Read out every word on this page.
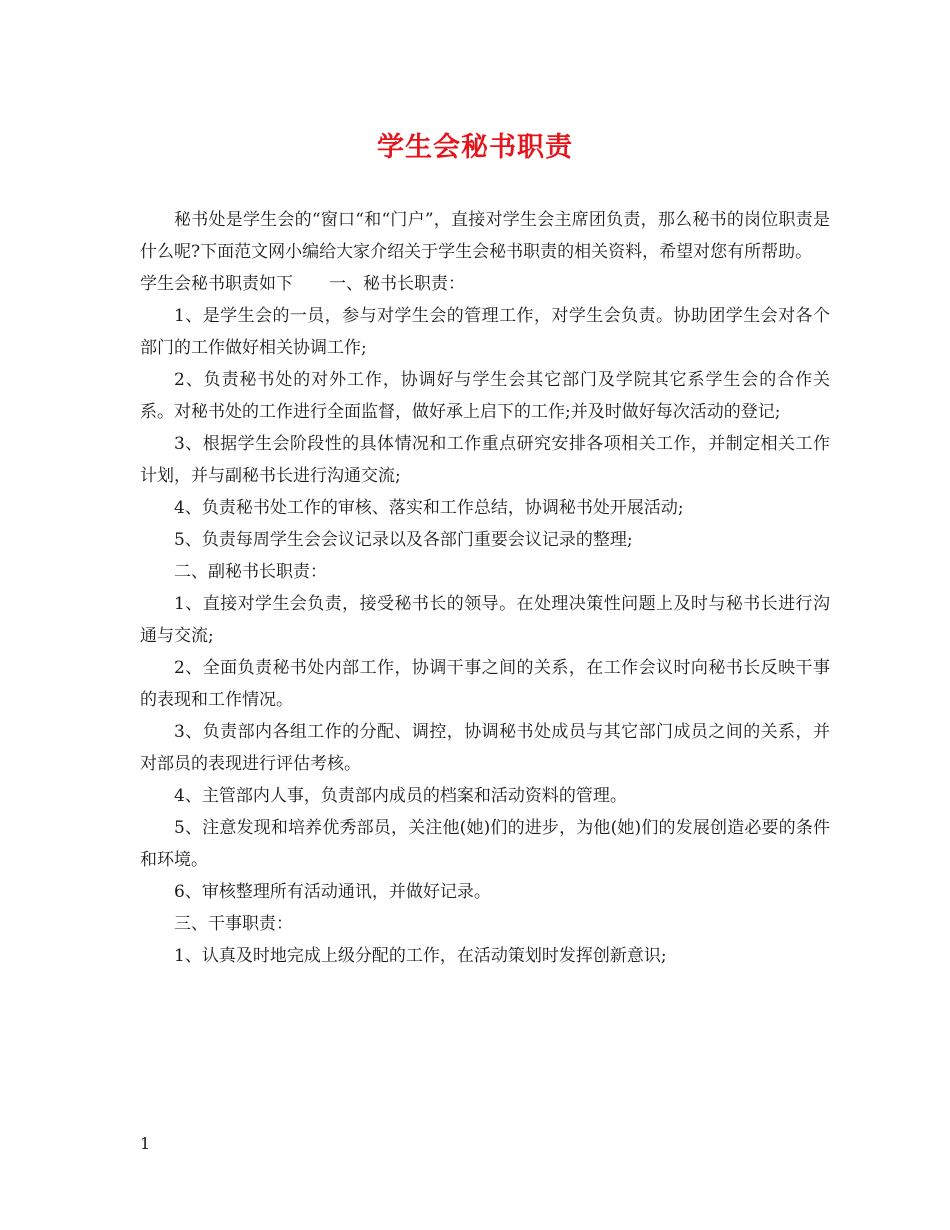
学生会秘书职责

秘书处是学生会的“窗口“和“门户”，直接对学生会主席团负责，那么秘书的岗位职责是什么呢?下面范文网小编给大家介绍关于学生会秘书职责的相关资料，希望对您有所帮助。

学生会秘书职责如下 一、秘书长职责：

1、是学生会的一员，参与对学生会的管理工作，对学生会负责。协助团学生会对各个部门的工作做好相关协调工作;

2、负责秘书处的对外工作，协调好与学生会其它部门及学院其它系学生会的合作关系。对秘书处的工作进行全面监督，做好承上启下的工作;并及时做好每次活动的登记;

3、根据学生会阶段性的具体情况和工作重点研究安排各项相关工作，并制定相关工作计划，并与副秘书长进行沟通交流;

4、负责秘书处工作的审核、落实和工作总结，协调秘书处开展活动;

5、负责每周学生会会议记录以及各部门重要会议记录的整理;

二、副秘书长职责：

1、直接对学生会负责，接受秘书长的领导。在处理决策性问题上及时与秘书长进行沟通与交流;

2、全面负责秘书处内部工作，协调干事之间的关系，在工作会议时向秘书长反映干事的表现和工作情况。

3、负责部内各组工作的分配、调控，协调秘书处成员与其它部门成员之间的关系，并对部员的表现进行评估考核。

4、主管部内人事，负责部内成员的档案和活动资料的管理。

5、注意发现和培养优秀部员，关注他(她)们的进步，为他(她)们的发展创造必要的条件和环境。

6、审核整理所有活动通讯，并做好记录。

三、干事职责：

1、认真及时地完成上级分配的工作，在活动策划时发挥创新意识;

1
